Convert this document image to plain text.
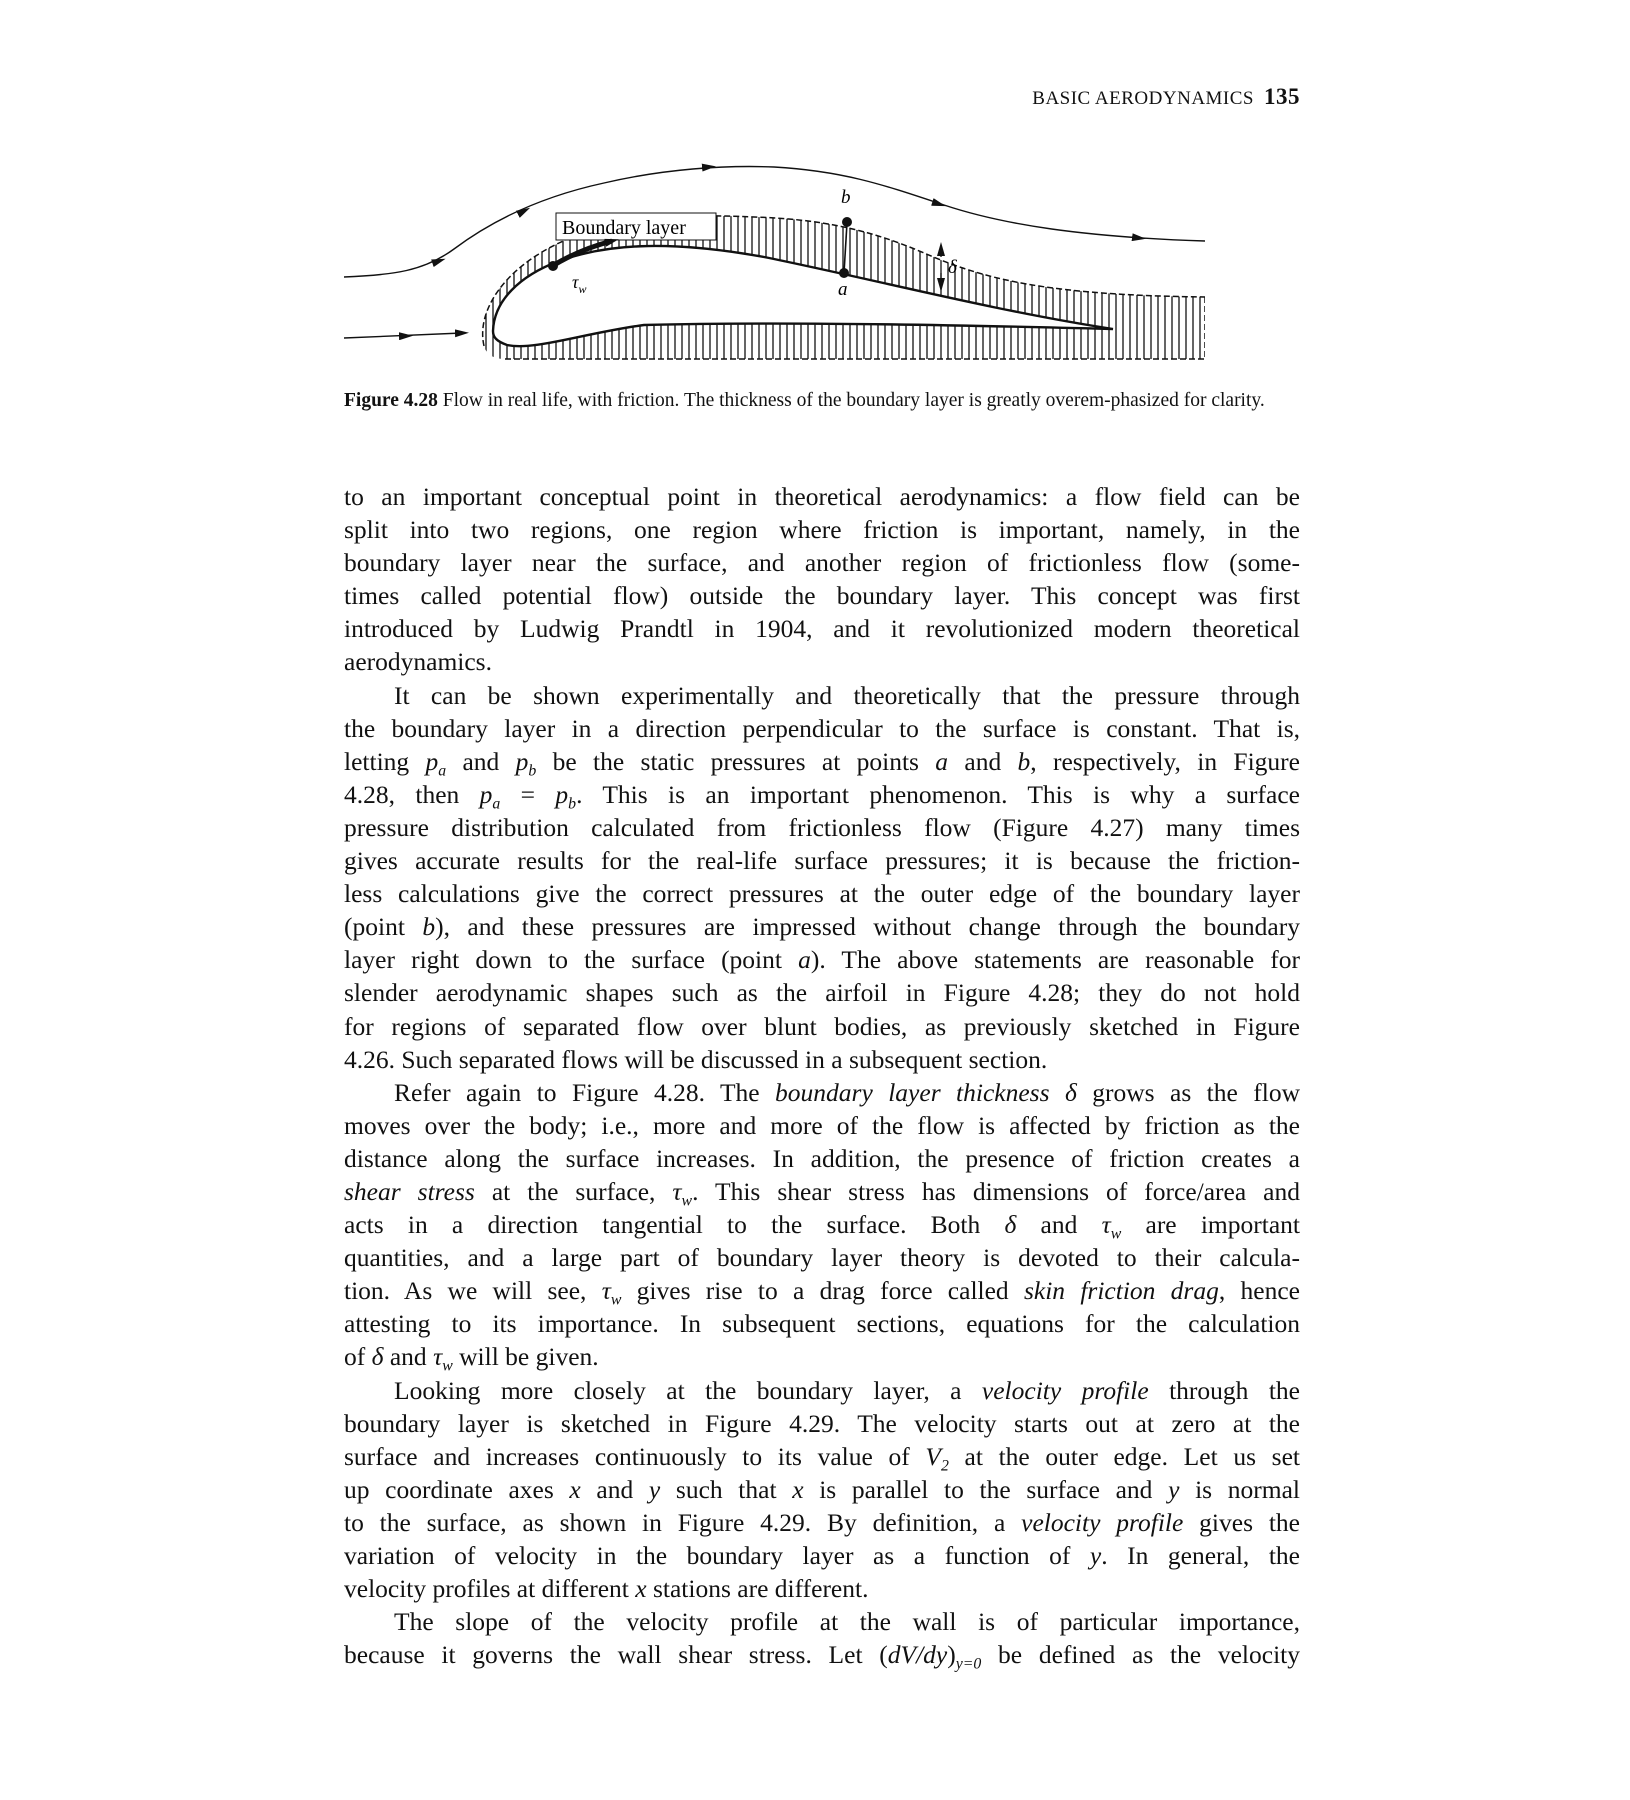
BASIC AERODYNAMICS 135
Boundary layer
$\tau_w$
b
a
δ
Figure 4.28 Flow in real life, with friction. The thickness of the boundary layer is greatly overem-phasized for clarity.
to an important conceptual point in theoretical aerodynamics: a flow field can be
split into two regions, one region where friction is important, namely, in the
boundary layer near the surface, and another region of frictionless flow (some-
times called potential flow) outside the boundary layer. This concept was first
introduced by Ludwig Prandtl in 1904, and it revolutionized modern theoretical
aerodynamics.
It can be shown experimentally and theoretically that the pressure through
the boundary layer in a direction perpendicular to the surface is constant. That is,
letting $p_a$ and $p_b$ be the static pressures at points a and b, respectively, in Figure
4.28, then $p_a = p_b$. This is an important phenomenon. This is why a surface
pressure distribution calculated from frictionless flow (Figure 4.27) many times
gives accurate results for the real-life surface pressures; it is because the friction-
less calculations give the correct pressures at the outer edge of the boundary layer
(point b), and these pressures are impressed without change through the boundary
layer right down to the surface (point a). The above statements are reasonable for
slender aerodynamic shapes such as the airfoil in Figure 4.28; they do not hold
for regions of separated flow over blunt bodies, as previously sketched in Figure
4.26. Such separated flows will be discussed in a subsequent section.
Refer again to Figure 4.28. The boundary layer thickness δ grows as the flow
moves over the body; i.e., more and more of the flow is affected by friction as the
distance along the surface increases. In addition, the presence of friction creates a
shear stress at the surface, $\tau_w$. This shear stress has dimensions of force/area and
acts in a direction tangential to the surface. Both δ and $\tau_w$ are important
quantities, and a large part of boundary layer theory is devoted to their calcula-
tion. As we will see, $\tau_w$ gives rise to a drag force called skin friction drag, hence
attesting to its importance. In subsequent sections, equations for the calculation
of δ and $\tau_w$ will be given.
Looking more closely at the boundary layer, a velocity profile through the
boundary layer is sketched in Figure 4.29. The velocity starts out at zero at the
surface and increases continuously to its value of $V_2$ at the outer edge. Let us set
up coordinate axes x and y such that x is parallel to the surface and y is normal
to the surface, as shown in Figure 4.29. By definition, a velocity profile gives the
variation of velocity in the boundary layer as a function of y. In general, the
velocity profiles at different x stations are different.
The slope of the velocity profile at the wall is of particular importance,
because it governs the wall shear stress. Let $(dV/dy)_{y=0}$ be defined as the velocity
